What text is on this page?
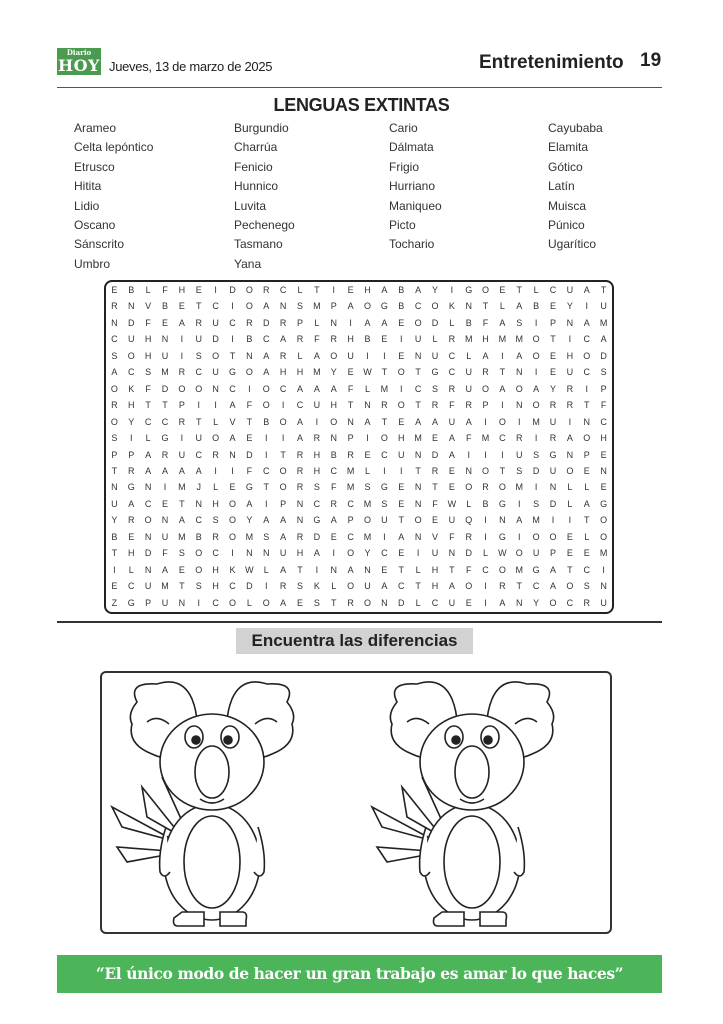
Diario
HOY Jueves, 13 de marzo de 2025	Entretenimiento 19
LENGUAS EXTINTAS
Arameo
Celta lepóntico
Etrusco
Hitita
Lidio
Oscano
Sánscrito
Umbro
Burgundio
Charrúa
Fenicio
Hunnico
Luvita
Pechenego
Tasmano
Yana
Cario
Dálmata
Frigio
Hurriano
Maniqueo
Picto
Tochario
Cayubaba
Elamita
Gótico
Latín
Muisca
Púnico
Ugarítico
E	B	L	F	H	E	I	D	O	R	C	L	T	I	E	H	A	B	A	Y	I	G	O	E	T	L	C	U	A	T
R	N	V	B	E	T	C	I	O	A	N	S	M	P	A	O	G	B	C	O	K	N	T	L	A	B	E	Y	I	U
N	D	F	E	A	R	U	C	R	D	R	P	L	N	I	A	A	E	O	D	L	B	F	A	S	I	P	N	A	M
C	U	H	N	I	U	D	I	B	C	A	R	F	R	H	B	E	I	U	L	R	M	H	M	M	O	T	I	C	A
S	O	H	U	I	S	O	T	N	A	R	L	A	O	U	I	I	E	N	U	C	L	A	I	A	O	E	H	O	D
A	C	S	M	R	C	U	G	O	A	H	H	M	Y	E	W	T	O	T	G	C	U	R	T	N	I	E	U	C	S
O	K	F	D	O	O	N	C	I	O	C	A	A	A	F	L	M	I	C	S	R	U	O	A	O	A	Y	R	I	P
R	H	T	T	P	I	I	A	F	O	I	C	U	H	T	N	R	O	T	R	F	R	P	I	N	O	R	R	T	F
O	Y	C	C	R	T	L	V	T	B	O	A	I	O	N	A	T	E	A	A	U	A	I	O	I	M	U	I	N	C
S	I	L	G	I	U	O	A	E	I	I	A	R	N	P	I	O	H	M	E	A	F	M	C	R	I	R	A	O	H
P	P	A	R	U	C	R	N	D	I	T	R	H	B	R	E	C	U	N	D	A	I	I	I	U	S	G	N	P	E
T	R	A	A	A	A	I	I	F	C	O	R	H	C	M	L	I	I	T	R	E	N	O	T	S	D	U	O	E	N
N	G	N	I	M	J	L	E	G	T	O	R	S	F	M	S	G	E	N	T	E	O	R	O	M	I	N	L	L	E
U	A	C	E	T	N	H	O	A	I	P	N	C	R	C	M	S	E	N	F	W	L	B	G	I	S	D	L	A	G
Y	R	O	N	A	C	S	O	Y	A	A	N	G	A	P	O	U	T	O	E	U	Q	I	N	A	M	I	I	T	O
B	E	N	U	M	B	R	O	M	S	A	R	D	E	C	M	I	A	N	V	F	R	I	G	I	O	O	E	L	O
T	H	D	F	S	O	C	I	N	N	U	H	A	I	O	Y	C	E	I	U	N	D	L	W	O	U	P	E	E	M
I	L	N	A	E	O	H	K	W	L	A	T	I	N	A	N	E	T	L	H	T	F	C	O	M	G	A	T	C	I
E	C	U	M	T	S	H	C	D	I	R	S	K	L	O	U	A	C	T	H	A	O	I	R	T	C	A	O	S	N
Z	G	P	U	N	I	C	O	L	O	A	E	S	T	R	O	N	D	L	C	U	E	I	A	N	Y	O	C	R	U
Encuentra las diferencias
“El único modo de hacer un gran trabajo es amar lo que haces”
